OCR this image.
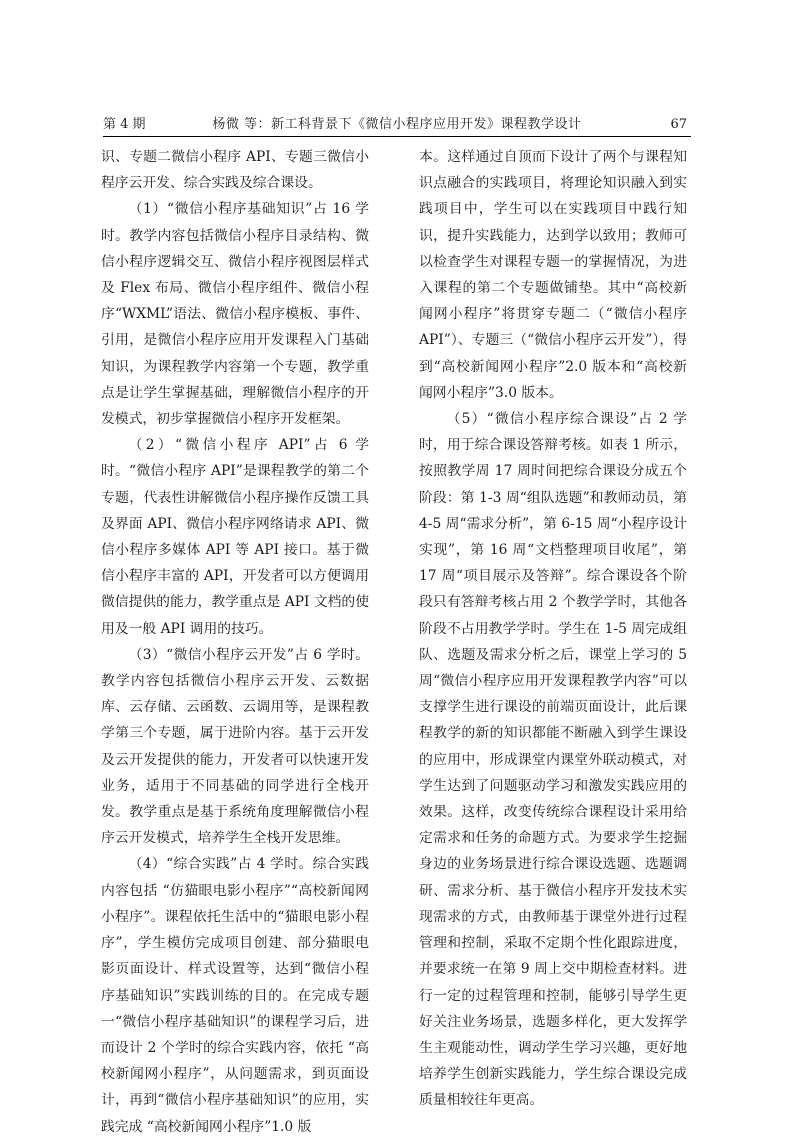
第 4 期	杨微 等：新工科背景下《微信小程序应用开发》课程教学设计	67

识、专题二微信小程序 API、专题三微信小程序云开发、综合实践及综合课设。

（1）“微信小程序基础知识”占 16 学时。教学内容包括微信小程序目录结构、微信小程序逻辑交互、微信小程序视图层样式及 Flex 布局、微信小程序组件、微信小程序“WXML”语法、微信小程序模板、事件、引用，是微信小程序应用开发课程入门基础知识，为课程教学内容第一个专题，教学重点是让学生掌握基础，理解微信小程序的开发模式，初步掌握微信小程序开发框架。

（2）“微信小程序 API”占 6 学时。“微信小程序 API”是课程教学的第二个专题，代表性讲解微信小程序操作反馈工具及界面 API、微信小程序网络请求 API、微信小程序多媒体 API 等 API 接口。基于微信小程序丰富的 API，开发者可以方便调用微信提供的能力，教学重点是 API 文档的使用及一般 API 调用的技巧。

（3）“微信小程序云开发”占 6 学时。教学内容包括微信小程序云开发、云数据库、云存储、云函数、云调用等，是课程教学第三个专题，属于进阶内容。基于云开发及云开发提供的能力，开发者可以快速开发业务，适用于不同基础的同学进行全栈开发。教学重点是基于系统角度理解微信小程序云开发模式，培养学生全栈开发思维。

（4）“综合实践”占 4 学时。综合实践内容包括 “仿猫眼电影小程序”“高校新闻网小程序”。课程依托生活中的“猫眼电影小程序”，学生模仿完成项目创建、部分猫眼电影页面设计、样式设置等，达到“微信小程序基础知识”实践训练的目的。在完成专题一“微信小程序基础知识”的课程学习后，进而设计 2 个学时的综合实践内容，依托 “高校新闻网小程序”，从问题需求，到页面设计，再到“微信小程序基础知识”的应用，实践完成 “高校新闻网小程序”1.0 版

本。这样通过自顶而下设计了两个与课程知识点融合的实践项目，将理论知识融入到实践项目中，学生可以在实践项目中践行知识，提升实践能力，达到学以致用；教师可以检查学生对课程专题一的掌握情况，为进入课程的第二个专题做铺垫。其中“高校新闻网小程序”将贯穿专题二（“微信小程序 API”）、专题三（“微信小程序云开发”），得到“高校新闻网小程序”2.0 版本和“高校新闻网小程序”3.0 版本。

（5）“微信小程序综合课设”占 2 学时，用于综合课设答辩考核。如表 1 所示，按照教学周 17 周时间把综合课设分成五个阶段：第 1-3 周“组队选题”和教师动员，第 4-5 周“需求分析”，第 6-15 周“小程序设计实现”，第 16 周“文档整理项目收尾”，第 17 周“项目展示及答辩”。综合课设各个阶段只有答辩考核占用 2 个教学学时，其他各阶段不占用教学学时。学生在 1-5 周完成组队、选题及需求分析之后，课堂上学习的 5 周“微信小程序应用开发课程教学内容”可以支撑学生进行课设的前端页面设计，此后课程教学的新的知识都能不断融入到学生课设的应用中，形成课堂内课堂外联动模式，对学生达到了问题驱动学习和激发实践应用的效果。这样，改变传统综合课程设计采用给定需求和任务的命题方式。为要求学生挖掘身边的业务场景进行综合课设选题、选题调研、需求分析、基于微信小程序开发技术实现需求的方式，由教师基于课堂外进行过程管理和控制，采取不定期个性化跟踪进度，并要求统一在第 9 周上交中期检查材料。进行一定的过程管理和控制，能够引导学生更好关注业务场景，选题多样化，更大发挥学生主观能动性，调动学生学习兴趣，更好地培养学生创新实践能力，学生综合课设完成质量相较往年更高。
